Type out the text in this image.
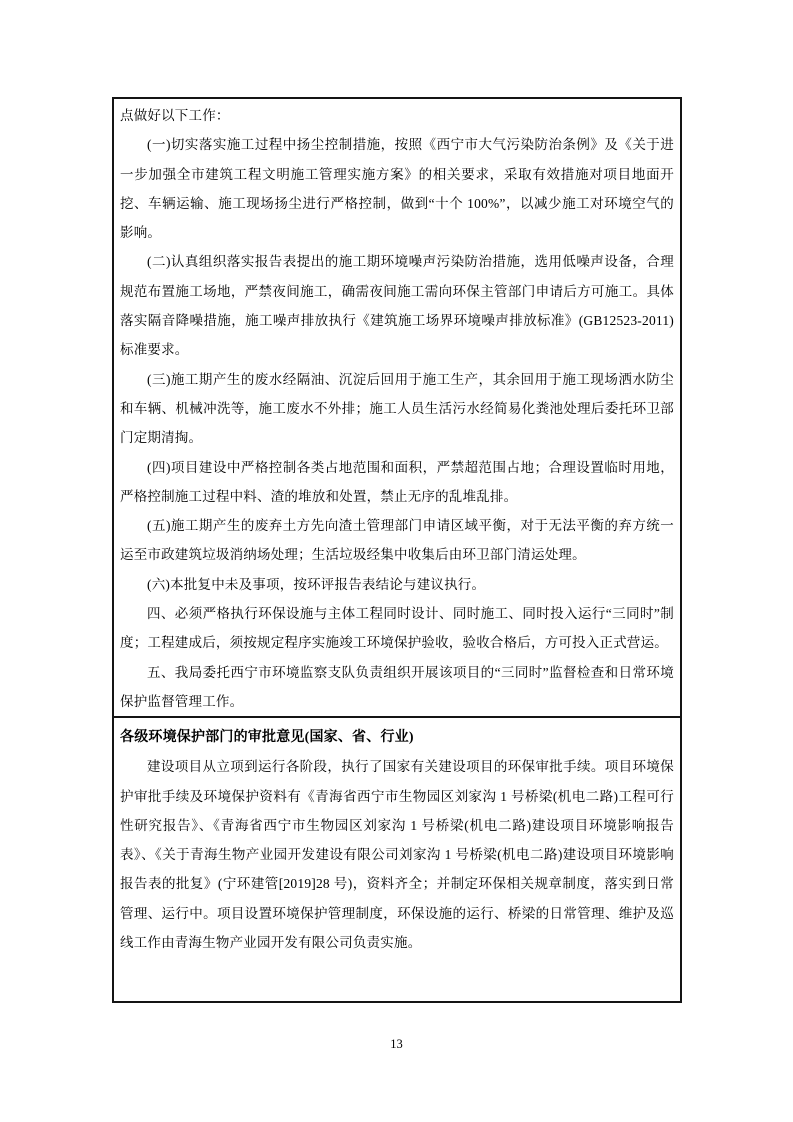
点做好以下工作：

(一)切实落实施工过程中扬尘控制措施，按照《西宁市大气污染防治条例》及《关于进一步加强全市建筑工程文明施工管理实施方案》的相关要求，采取有效措施对项目地面开挖、车辆运输、施工现场扬尘进行严格控制，做到“十个 100%”，以减少施工对环境空气的影响。

(二)认真组织落实报告表提出的施工期环境噪声污染防治措施，选用低噪声设备，合理规范布置施工场地，严禁夜间施工，确需夜间施工需向环保主管部门申请后方可施工。具体落实隔音降噪措施，施工噪声排放执行《建筑施工场界环境噪声排放标准》(GB12523-2011)标准要求。

(三)施工期产生的废水经隔油、沉淀后回用于施工生产，其余回用于施工现场洒水防尘和车辆、机械冲洗等，施工废水不外排；施工人员生活污水经简易化粪池处理后委托环卫部门定期清掏。

(四)项目建设中严格控制各类占地范围和面积，严禁超范围占地；合理设置临时用地，严格控制施工过程中料、渣的堆放和处置，禁止无序的乱堆乱排。

(五)施工期产生的废弃土方先向渣土管理部门申请区域平衡，对于无法平衡的弃方统一运至市政建筑垃圾消纳场处理；生活垃圾经集中收集后由环卫部门清运处理。

(六)本批复中未及事项，按环评报告表结论与建议执行。

四、必须严格执行环保设施与主体工程同时设计、同时施工、同时投入运行“三同时”制度；工程建成后，须按规定程序实施竣工环境保护验收，验收合格后，方可投入正式营运。

五、我局委托西宁市环境监察支队负责组织开展该项目的“三同时”监督检查和日常环境保护监督管理工作。

各级环境保护部门的审批意见(国家、省、行业)

建设项目从立项到运行各阶段，执行了国家有关建设项目的环保审批手续。项目环境保护审批手续及环境保护资料有《青海省西宁市生物园区刘家沟 1 号桥梁(机电二路)工程可行性研究报告》、《青海省西宁市生物园区刘家沟 1 号桥梁(机电二路)建设项目环境影响报告表》、《关于青海生物产业园开发建设有限公司刘家沟 1 号桥梁(机电二路)建设项目环境影响报告表的批复》(宁环建管[2019]28 号)，资料齐全；并制定环保相关规章制度，落实到日常管理、运行中。项目设置环境保护管理制度，环保设施的运行、桥梁的日常管理、维护及巡线工作由青海生物产业园开发有限公司负责实施。

13
